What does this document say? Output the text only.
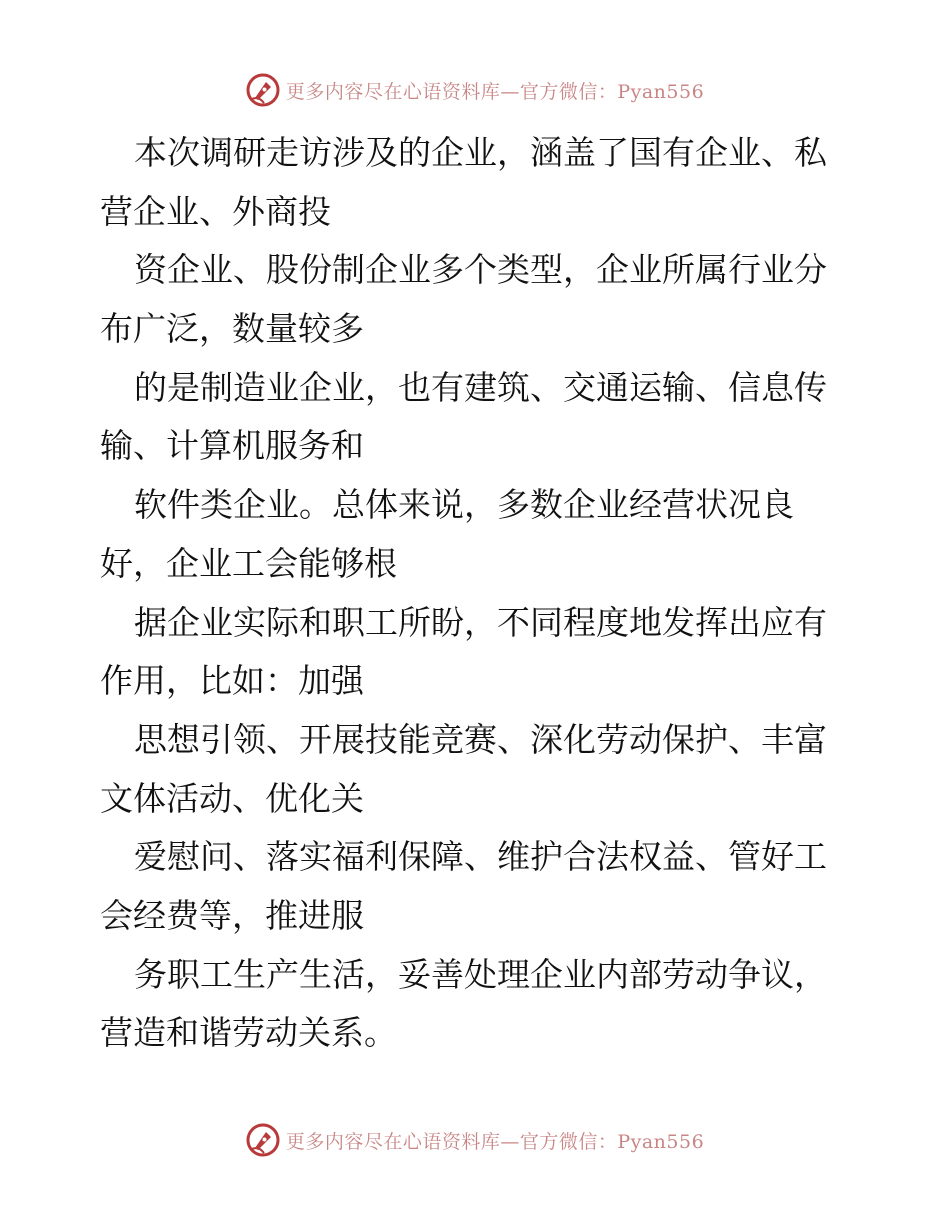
更多内容尽在心语资料库—官方微信：Pyan556
本次调研走访涉及的企业，涵盖了国有企业、私
营企业、外商投
资企业、股份制企业多个类型，企业所属行业分
布广泛，数量较多
的是制造业企业，也有建筑、交通运输、信息传
输、计算机服务和
软件类企业。总体来说，多数企业经营状况良
好，企业工会能够根
据企业实际和职工所盼，不同程度地发挥出应有
作用，比如：加强
思想引领、开展技能竞赛、深化劳动保护、丰富
文体活动、优化关
爱慰问、落实福利保障、维护合法权益、管好工
会经费等，推进服
务职工生产生活，妥善处理企业内部劳动争议，
营造和谐劳动关系。
更多内容尽在心语资料库—官方微信：Pyan556
